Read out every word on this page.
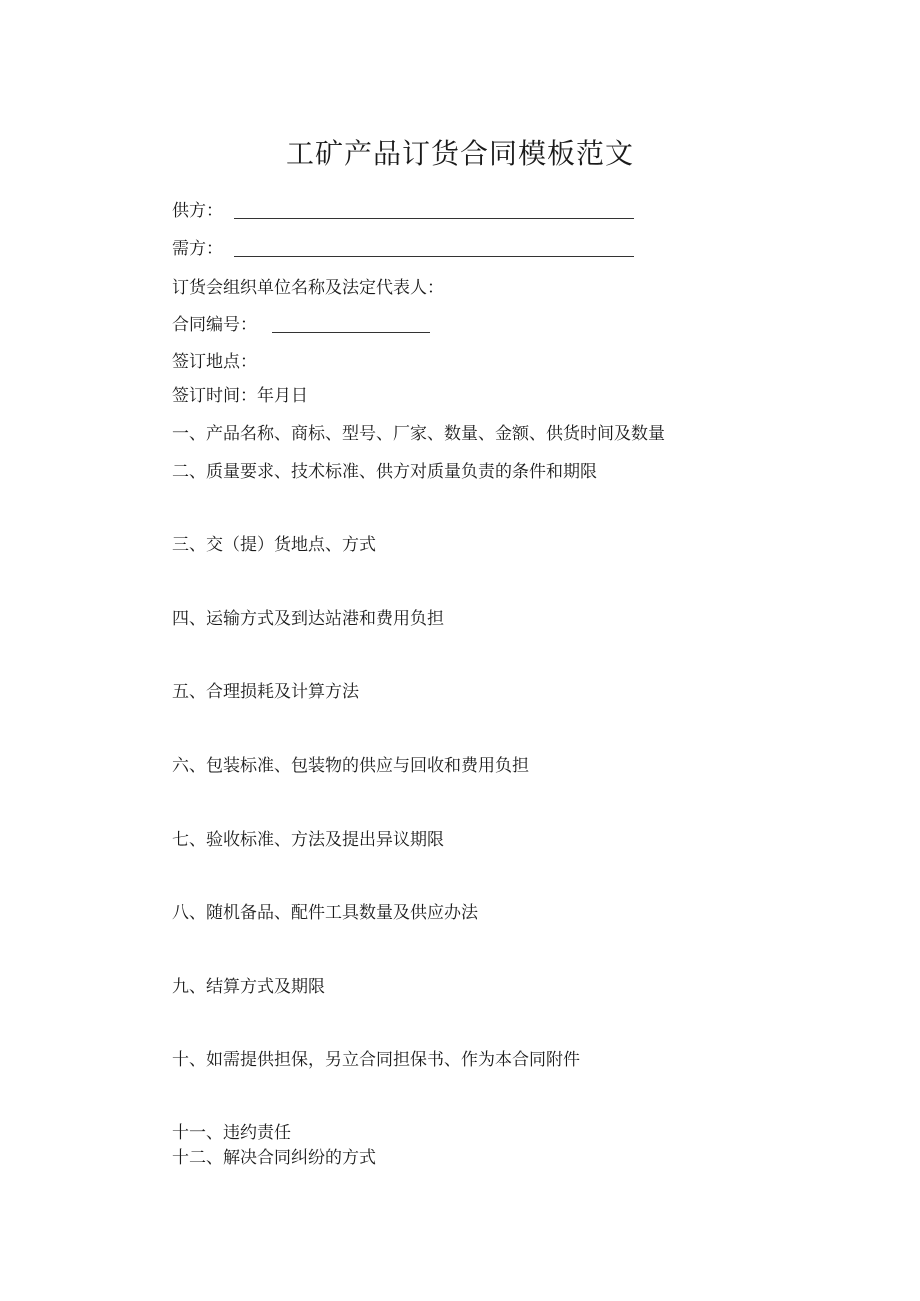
工矿产品订货合同模板范文
供方：
需方：
订货会组织单位名称及法定代表人：
合同编号：
签订地点：
签订时间：年月日
一、产品名称、商标、型号、厂家、数量、金额、供货时间及数量
二、质量要求、技术标准、供方对质量负责的条件和期限
三、交（提）货地点、方式
四、运输方式及到达站港和费用负担
五、合理损耗及计算方法
六、包装标准、包装物的供应与回收和费用负担
七、验收标准、方法及提出异议期限
八、随机备品、配件工具数量及供应办法
九、结算方式及期限
十、如需提供担保，另立合同担保书、作为本合同附件
十一、违约责任
十二、解决合同纠纷的方式
